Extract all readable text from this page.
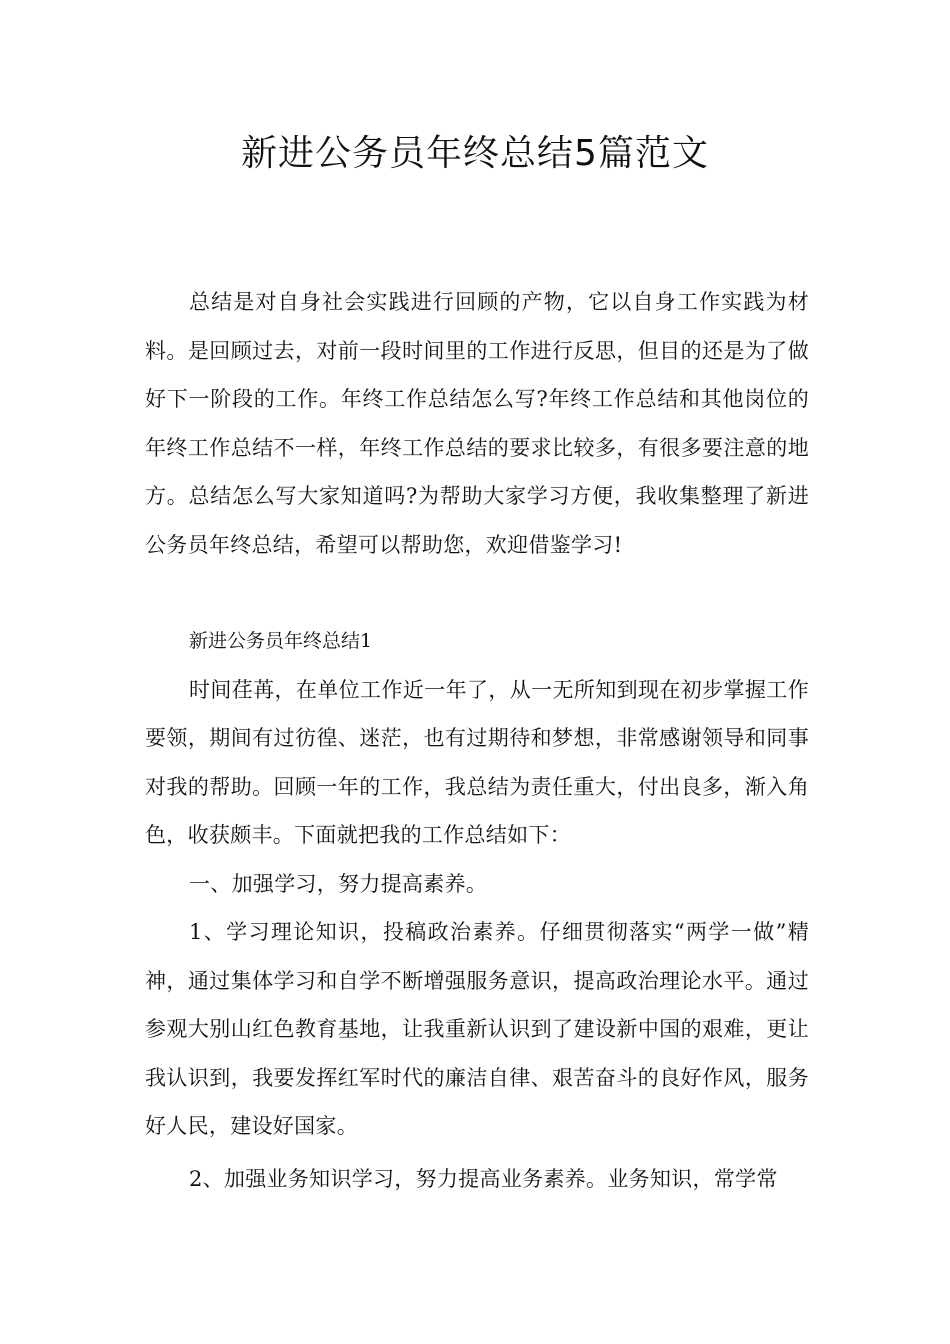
新进公务员年终总结5篇范文

总结是对自身社会实践进行回顾的产物，它以自身工作实践为材料。是回顾过去，对前一段时间里的工作进行反思，但目的还是为了做好下一阶段的工作。年终工作总结怎么写?年终工作总结和其他岗位的年终工作总结不一样，年终工作总结的要求比较多，有很多要注意的地方。总结怎么写大家知道吗?为帮助大家学习方便，我收集整理了新进公务员年终总结，希望可以帮助您，欢迎借鉴学习!

新进公务员年终总结1

时间荏苒，在单位工作近一年了，从一无所知到现在初步掌握工作要领，期间有过彷徨、迷茫，也有过期待和梦想，非常感谢领导和同事对我的帮助。回顾一年的工作，我总结为责任重大，付出良多，渐入角色，收获颇丰。下面就把我的工作总结如下：

一、加强学习，努力提高素养。

1、学习理论知识，投稿政治素养。仔细贯彻落实“两学一做”精神，通过集体学习和自学不断增强服务意识，提高政治理论水平。通过参观大别山红色教育基地，让我重新认识到了建设新中国的艰难，更让我认识到，我要发挥红军时代的廉洁自律、艰苦奋斗的良好作风，服务好人民，建设好国家。

2、加强业务知识学习，努力提高业务素养。业务知识，常学常
